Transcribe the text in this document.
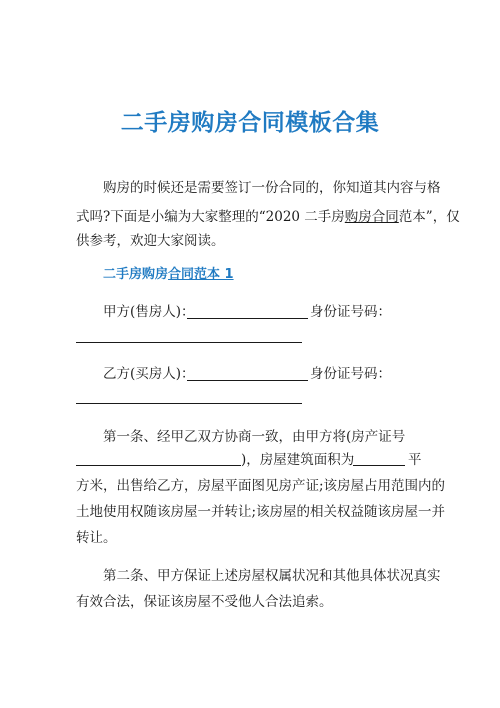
二手房购房合同模板合集
购房的时候还是需要签订一份合同的，你知道其内容与格
式吗?下面是小编为大家整理的“2020 二手房购房合同范本”，仅
供参考，欢迎大家阅读。
二手房购房合同范本 1
甲方(售房人)：	身份证号码：
乙方(买房人)：	身份证号码：
第一条、经甲乙双方协商一致，由甲方将(房产证号
)，房屋建筑面积为	平
方米，出售给乙方，房屋平面图见房产证;该房屋占用范围内的
土地使用权随该房屋一并转让;该房屋的相关权益随该房屋一并
转让。
第二条、甲方保证上述房屋权属状况和其他具体状况真实
有效合法，保证该房屋不受他人合法追索。
